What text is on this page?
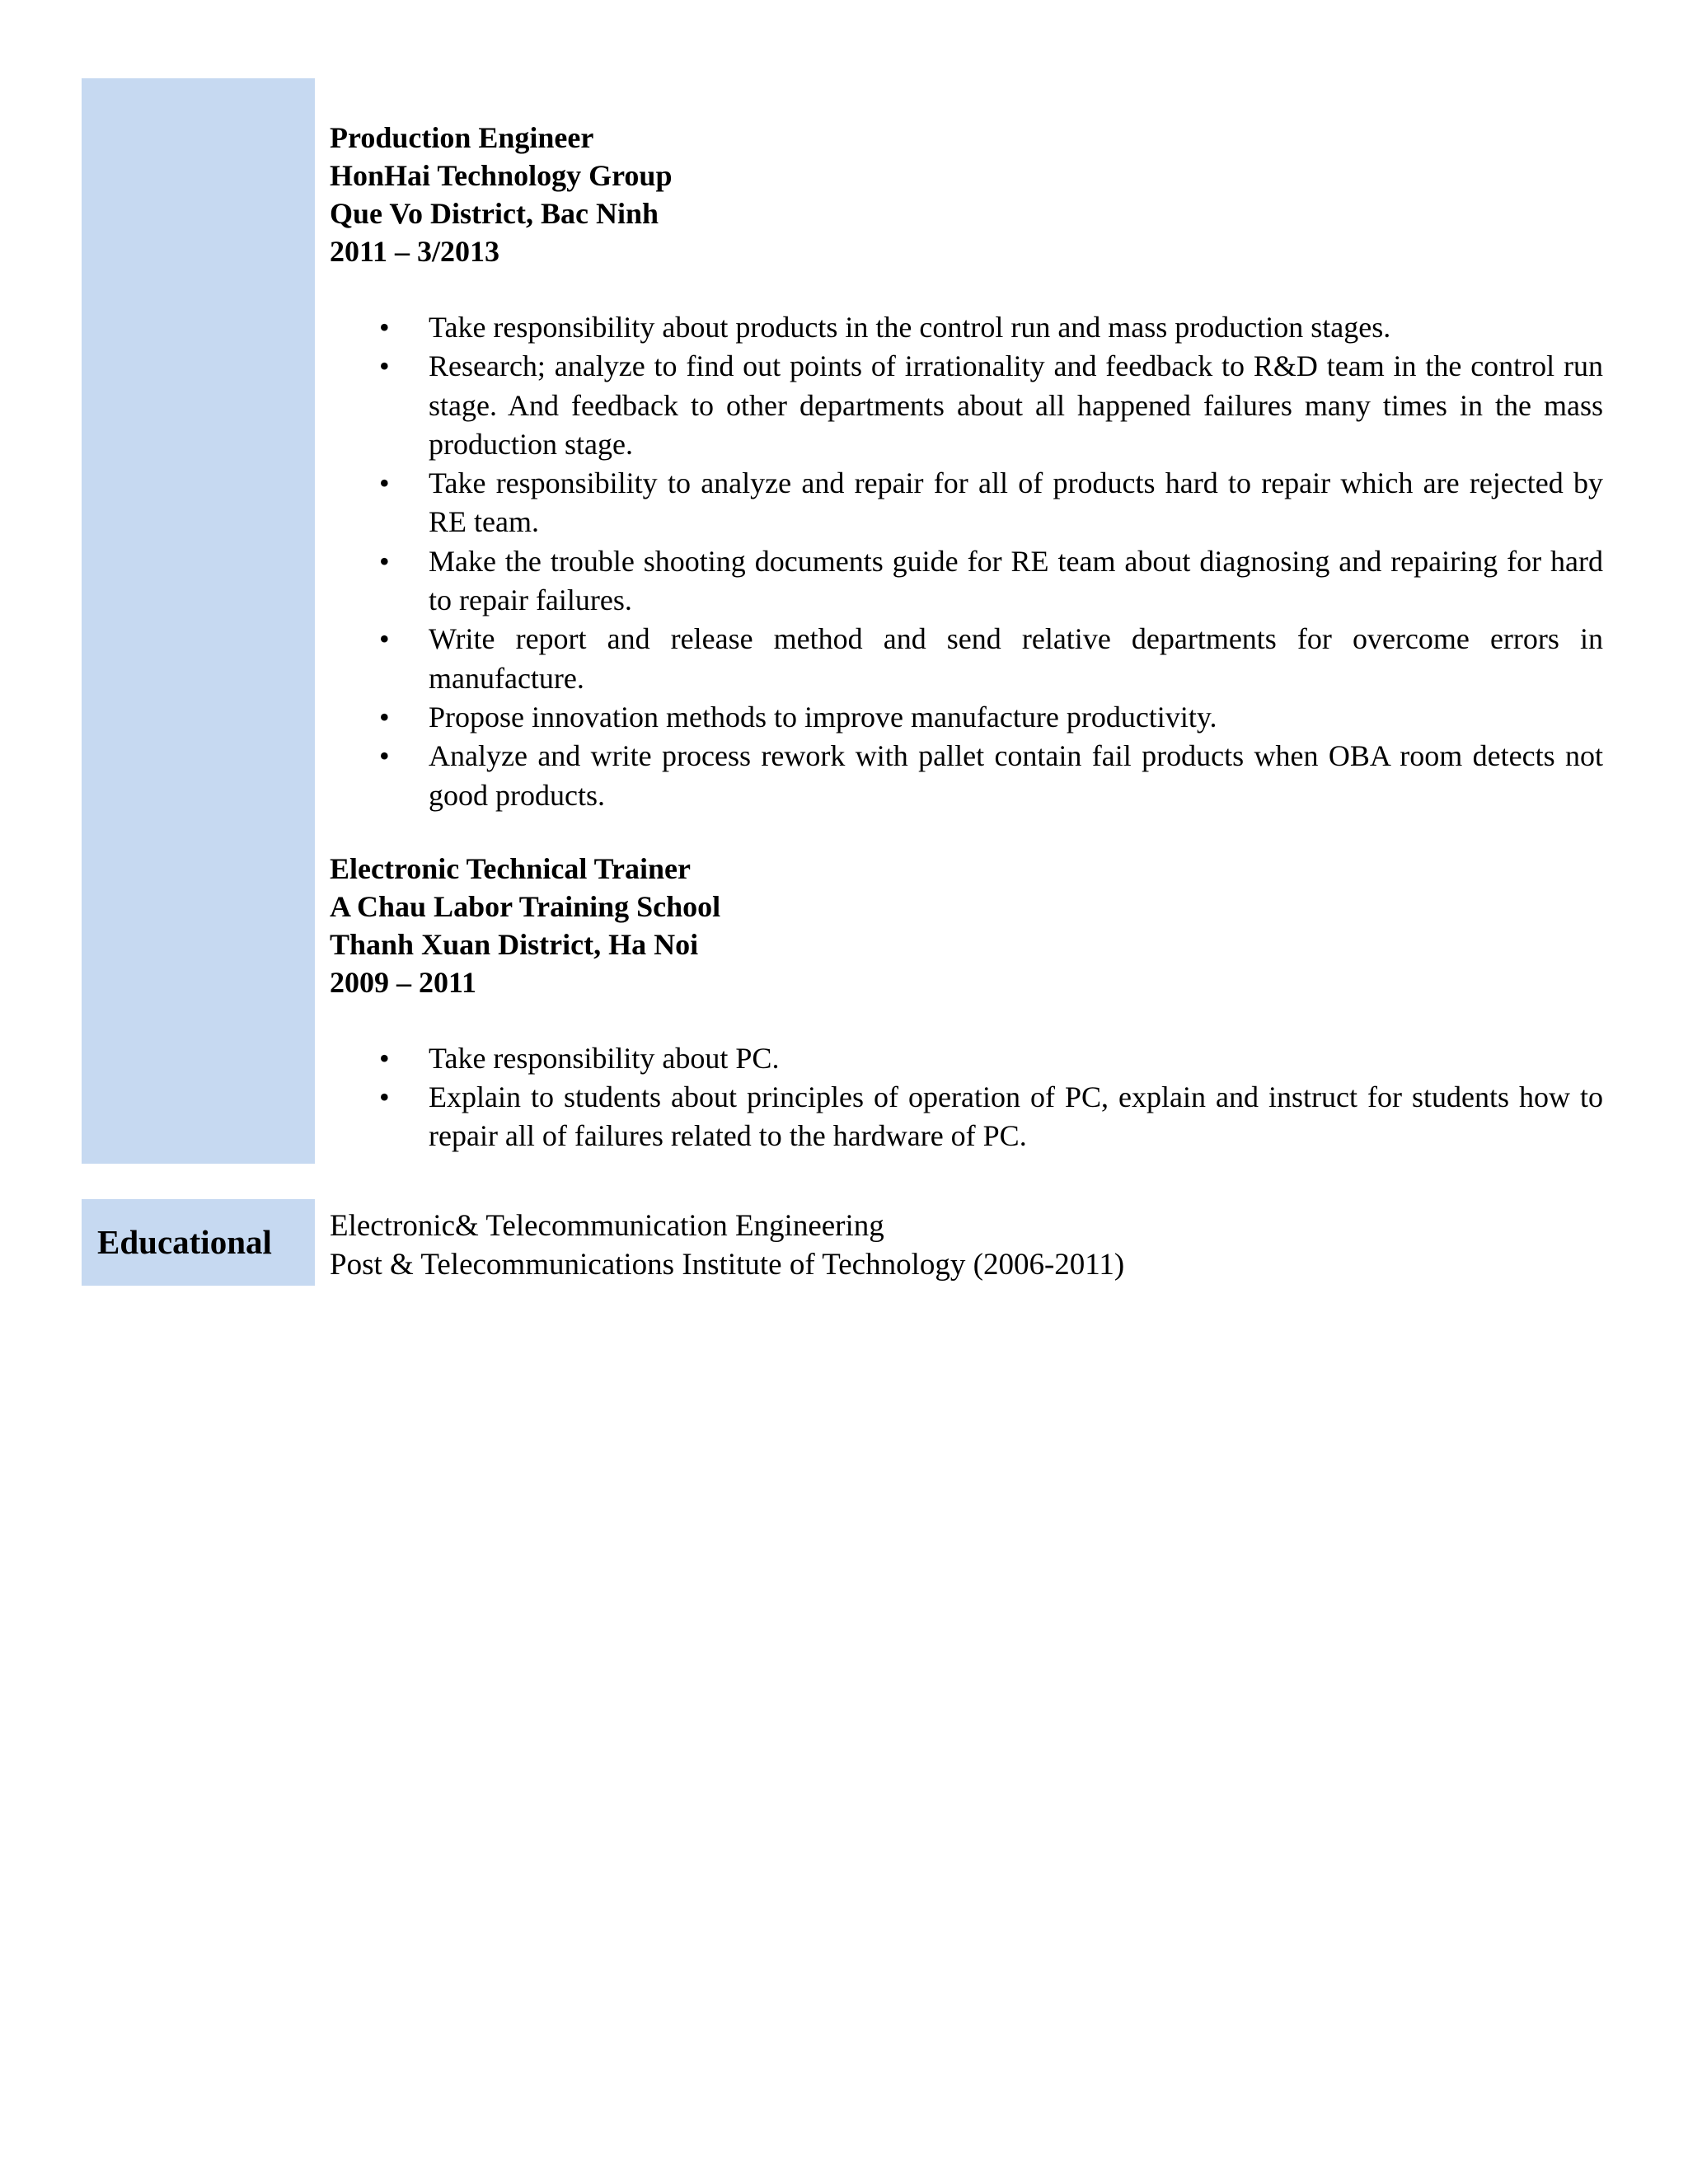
Production Engineer
HonHai Technology Group
Que Vo District, Bac Ninh
2011 – 3/2013
• Take responsibility about products in the control run and mass production stages.
• Research; analyze to find out points of irrationality and feedback to R&D team in the control run stage. And feedback to other departments about all happened failures many times in the mass production stage.
• Take responsibility to analyze and repair for all of products hard to repair which are rejected by RE team.
• Make the trouble shooting documents guide for RE team about diagnosing and repairing for hard to repair failures.
• Write report and release method and send relative departments for overcome errors in manufacture.
• Propose innovation methods to improve manufacture productivity.
• Analyze and write process rework with pallet contain fail products when OBA room detects not good products.
Electronic Technical Trainer
A Chau Labor Training School
Thanh Xuan District, Ha Noi
2009 – 2011
• Take responsibility about PC.
• Explain to students about principles of operation of PC, explain and instruct for students how to repair all of failures related to the hardware of PC.
Educational Electronic& Telecommunication Engineering
Post & Telecommunications Institute of Technology (2006-2011)
